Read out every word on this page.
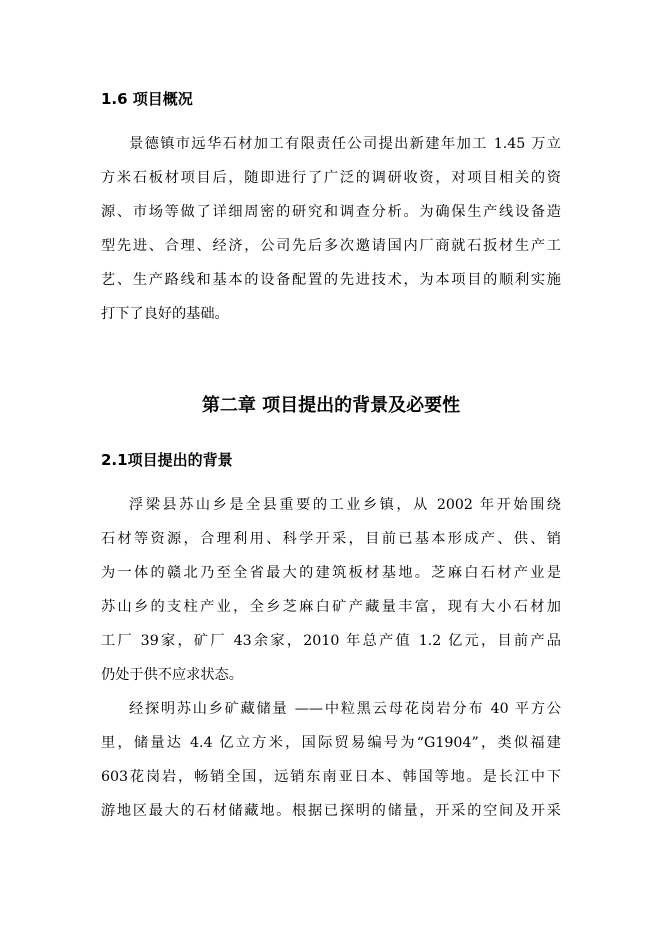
1.6 项目概况
景德镇市远华石材加工有限责任公司提出新建年加工 1.45 万立
方米石板材项目后，随即进行了广泛的调研收资，对项目相关的资
源、市场等做了详细周密的研究和调查分析。为确保生产线设备造
型先进、合理、经济，公司先后多次邀请国内厂商就石扳材生产工
艺、生产路线和基本的设备配置的先进技术，为本项目的顺利实施
打下了良好的基础。
第二章 项目提出的背景及必要性
2.1项目提出的背景
浮梁县苏山乡是全县重要的工业乡镇，从 2002 年开始围绕
石材等资源，合理利用、科学开采，目前已基本形成产、供、销
为一体的赣北乃至全省最大的建筑板材基地。芝麻白石材产业是
苏山乡的支柱产业，全乡芝麻白矿产藏量丰富，现有大小石材加
工厂 39家，矿厂 43余家，2010 年总产值 1.2 亿元，目前产品
仍处于供不应求状态。
经探明苏山乡矿藏储量 ——中粒黑云母花岗岩分布 40 平方公
里，储量达 4.4 亿立方米，国际贸易编号为“G1904”，类似福建
603花岗岩，畅销全国，远销东南亚日本、韩国等地。是长江中下
游地区最大的石材储藏地。根据已探明的储量，开采的空间及开采
